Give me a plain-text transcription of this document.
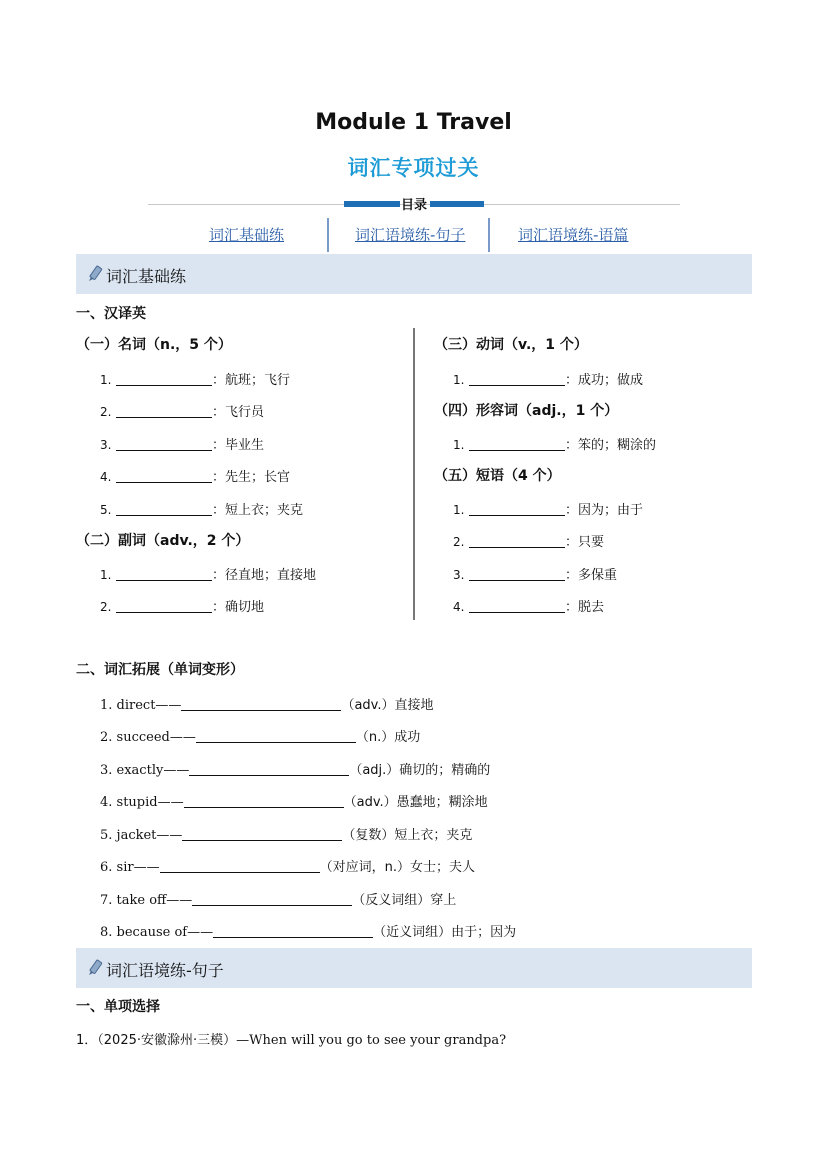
Module 1 Travel
词汇专项过关
目录
词汇基础练	词汇语境练-句子	词汇语境练-语篇
词汇基础练
一、汉译英
（一）名词（n.，5 个）
1.	：航班；飞行
2.	：飞行员
3.	：毕业生
4.	：先生；长官
5.	：短上衣；夹克
（二）副词（adv.，2 个）
1.	：径直地；直接地
2.	：确切地
（三）动词（v.，1 个）
1.	：成功；做成
（四）形容词（adj.，1 个）
1.	：笨的；糊涂的
（五）短语（4 个）
1.	：因为；由于
2.	：只要
3.	：多保重
4.	：脱去
二、词汇拓展（单词变形）
1. direct——	（adv.）直接地
2. succeed——	（n.）成功
3. exactly——	（adj.）确切的；精确的
4. stupid——	（adv.）愚蠢地；糊涂地
5. jacket——	（复数）短上衣；夹克
6. sir——	（对应词，n.）女士；夫人
7. take off——	（反义词组）穿上
8. because of——	（近义词组）由于；因为
词汇语境练-句子
一、单项选择
1．（2025·安徽滁州·三模）—When will you go to see your grandpa?
